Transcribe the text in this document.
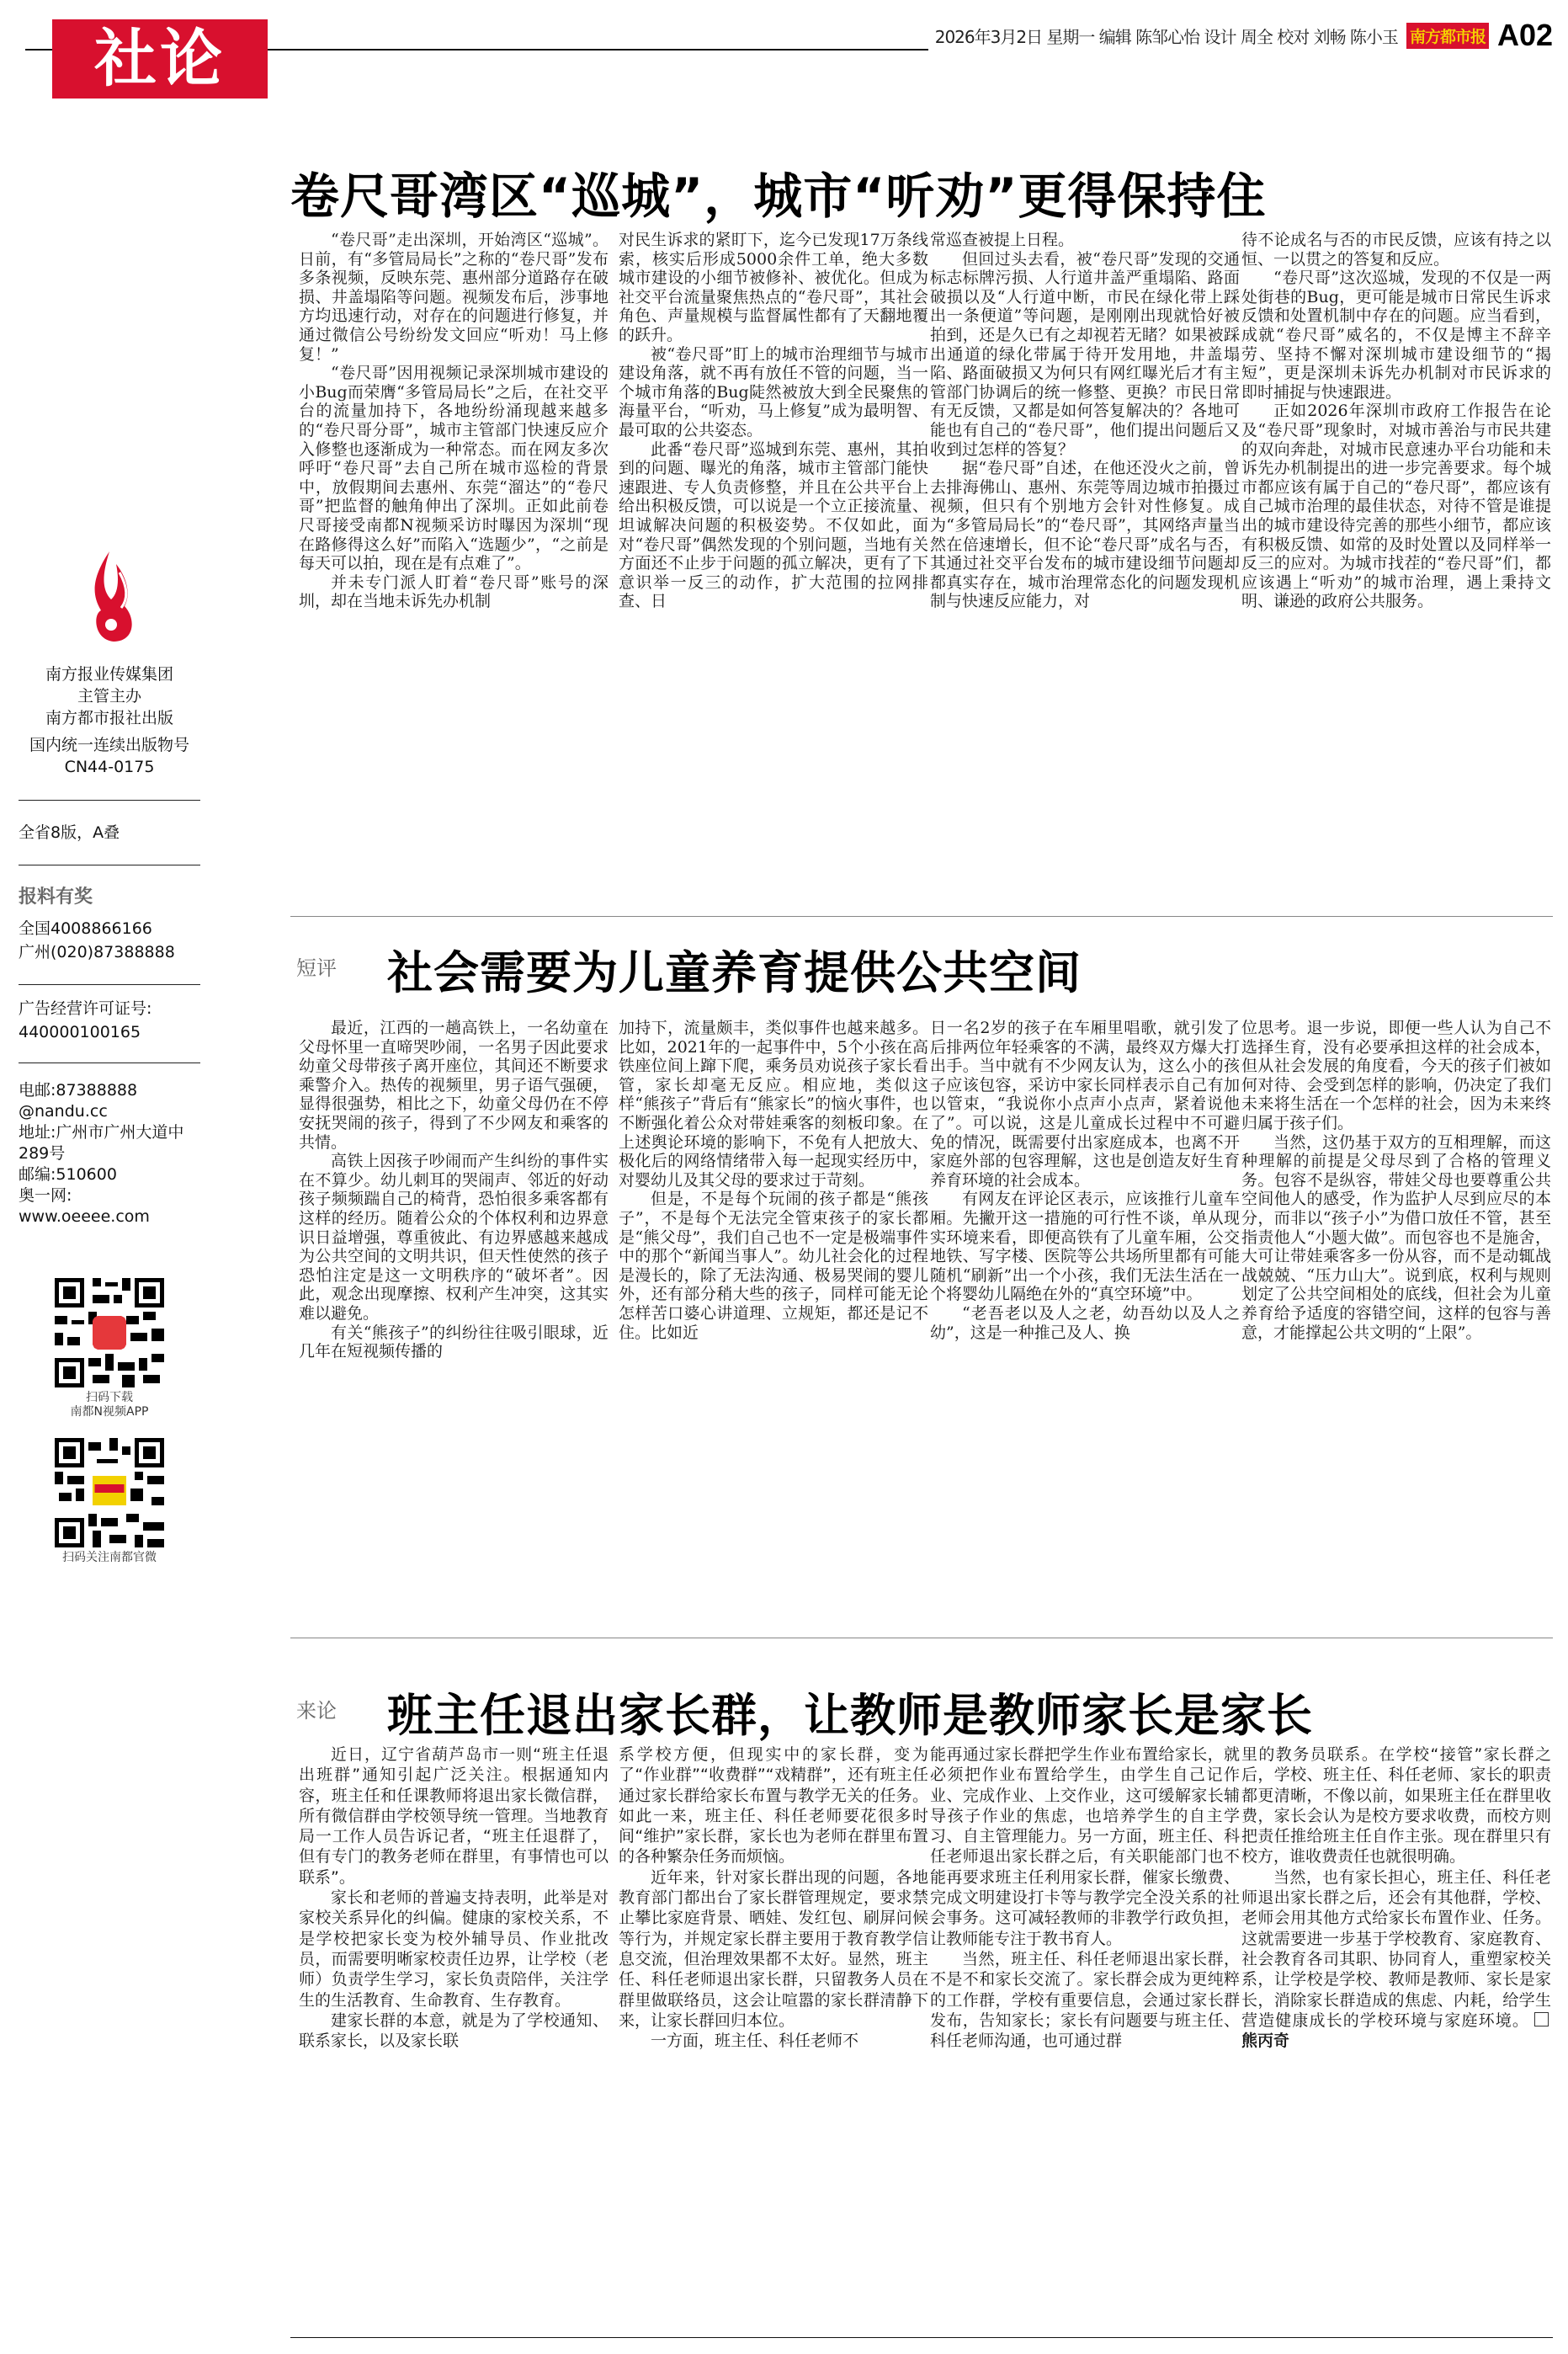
社论	2026年3月2日 星期一 编辑 陈邹心怡 设计 周全 校对 刘畅 陈小玉 南方都市报 A02
南方报业传媒集团
主管主办
南方都市报社出版
国内统一连续出版物号
CN44-0175
全省8版，A叠
报料有奖
全国4008866166
广州(020)87388888
广告经营许可证号:
440000100165
电邮:87388888
@nandu.cc
地址:广州市广州大道中
289号
邮编:510600
奥一网:
www.oeeee.com
扫码下载
南都N视频APP
扫码关注南都官微
卷尺哥湾区“巡城”，城市“听劝”更得保持住

“卷尺哥”走出深圳，开始湾区“巡城”。日前，有“多管局局长”之称的“卷尺哥”发布多条视频，反映东莞、惠州部分道路存在破损、井盖塌陷等问题。视频发布后，涉事地方均迅速行动，对存在的问题进行修复，并通过微信公号纷纷发文回应“听劝！马上修复！”

“卷尺哥”因用视频记录深圳城市建设的小Bug而荣膺“多管局局长”之后，在社交平台的流量加持下，各地纷纷涌现越来越多的“卷尺哥分哥”，城市主管部门快速反应介入修整也逐渐成为一种常态。而在网友多次呼吁“卷尺哥”去自己所在城市巡检的背景中，放假期间去惠州、东莞“溜达”的“卷尺哥”把监督的触角伸出了深圳。正如此前卷尺哥接受南都N视频采访时曝因为深圳“现在路修得这么好”而陷入“选题少”，“之前是每天可以拍，现在是有点难了”。

并未专门派人盯着“卷尺哥”账号的深圳，却在当地未诉先办机制

对民生诉求的紧盯下，迄今已发现17万条线索，核实后形成5000余件工单，绝大多数城市建设的小细节被修补、被优化。但成为社交平台流量聚焦热点的“卷尺哥”，其社会角色、声量规模与监督属性都有了天翻地覆的跃升。

被“卷尺哥”盯上的城市治理细节与城市建设角落，就不再有放任不管的问题，当一个城市角落的Bug陡然被放大到全民聚焦的海量平台，“听劝，马上修复”成为最明智、最可取的公共姿态。

此番“卷尺哥”巡城到东莞、惠州，其拍到的问题、曝光的角落，城市主管部门能快速跟进、专人负责修整，并且在公共平台上给出积极反馈，可以说是一个立正接流量、坦诚解决问题的积极姿势。不仅如此，面对“卷尺哥”偶然发现的个别问题，当地有关方面还不止步于问题的孤立解决，更有了下意识举一反三的动作，扩大范围的拉网排查、日

常巡查被提上日程。

但回过头去看，被“卷尺哥”发现的交通标志标牌污损、人行道井盖严重塌陷、路面破损以及“人行道中断，市民在绿化带上踩出一条便道”等问题，是刚刚出现就恰好被拍到，还是久已有之却视若无睹？如果被踩出通道的绿化带属于待开发用地，井盖塌陷、路面破损又为何只有网红曝光后才有主管部门协调后的统一修整、更换？市民日常有无反馈，又都是如何答复解决的？各地可能也有自己的“卷尺哥”，他们提出问题后又收到过怎样的答复？

据“卷尺哥”自述，在他还没火之前，曾去排海佛山、惠州、东莞等周边城市拍摄过视频，但只有个别地方会针对性修复。成为“多管局局长”的“卷尺哥”，其网络声量当然在倍速增长，但不论“卷尺哥”成名与否，其通过社交平台发布的城市建设细节问题却都真实存在，城市治理常态化的问题发现机制与快速反应能力，对

待不论成名与否的市民反馈，应该有持之以恒、一以贯之的答复和反应。

“卷尺哥”这次巡城，发现的不仅是一两处街巷的Bug，更可能是城市日常民生诉求反馈和处置机制中存在的问题。应当看到，成就“卷尺哥”威名的，不仅是博主不辞辛劳、坚持不懈对深圳城市建设细节的“揭短”，更是深圳未诉先办机制对市民诉求的即时捕捉与快速跟进。

正如2026年深圳市政府工作报告在论及“卷尺哥”现象时，对城市善治与市民共建的双向奔赴，对城市民意速办平台功能和未诉先办机制提出的进一步完善要求。每个城市都应该有属于自己的“卷尺哥”，都应该有自己城市治理的最佳状态，对待不管是谁提出的城市建设待完善的那些小细节，都应该有积极反馈、如常的及时处置以及同样举一反三的应对。为城市找茬的“卷尺哥”们，都应该遇上“听劝”的城市治理，遇上秉持文明、谦逊的政府公共服务。

短评 社会需要为儿童养育提供公共空间

最近，江西的一趟高铁上，一名幼童在父母怀里一直啼哭吵闹，一名男子因此要求幼童父母带孩子离开座位，其间还不断要求乘警介入。热传的视频里，男子语气强硬，显得很强势，相比之下，幼童父母仍在不停安抚哭闹的孩子，得到了不少网友和乘客的共情。

高铁上因孩子吵闹而产生纠纷的事件实在不算少。幼儿刺耳的哭闹声、邻近的好动孩子频频踹自己的椅背，恐怕很多乘客都有这样的经历。随着公众的个体权利和边界意识日益增强，尊重彼此、有边界感越来越成为公共空间的文明共识，但天性使然的孩子恐怕注定是这一文明秩序的“破坏者”。因此，观念出现摩擦、权利产生冲突，这其实难以避免。

有关“熊孩子”的纠纷往往吸引眼球，近几年在短视频传播的

加持下，流量颇丰，类似事件也越来越多。比如，2021年的一起事件中，5个小孩在高铁座位间上蹿下爬，乘务员劝说孩子家长看管，家长却毫无反应。相应地，类似这样“熊孩子”背后有“熊家长”的恼火事件，也不断强化着公众对带娃乘客的刻板印象。在上述舆论环境的影响下，不免有人把放大、极化后的网络情绪带入每一起现实经历中，对婴幼儿及其父母的要求过于苛刻。

但是，不是每个玩闹的孩子都是“熊孩子”，不是每个无法完全管束孩子的家长都是“熊父母”，我们自己也不一定是极端事件中的那个“新闻当事人”。幼儿社会化的过程是漫长的，除了无法沟通、极易哭闹的婴儿外，还有部分稍大些的孩子，同样可能无论怎样苦口婆心讲道理、立规矩，都还是记不住。比如近

日一名2岁的孩子在车厢里唱歌，就引发了后排两位年轻乘客的不满，最终双方爆大打出手。当中就有不少网友认为，这么小的孩子应该包容，采访中家长同样表示自己有加以管束，“我说你小点声小点声，紧着说他了”。可以说，这是儿童成长过程中不可避免的情况，既需要付出家庭成本，也离不开家庭外部的包容理解，这也是创造友好生育养育环境的社会成本。

有网友在评论区表示，应该推行儿童车厢。先撇开这一措施的可行性不谈，单从现实环境来看，即便高铁有了儿童车厢，公交地铁、写字楼、医院等公共场所里都有可能随机“刷新”出一个小孩，我们无法生活在一个将婴幼儿隔绝在外的“真空环境”中。

“老吾老以及人之老，幼吾幼以及人之幼”，这是一种推己及人、换

位思考。退一步说，即便一些人认为自己不选择生育，没有必要承担这样的社会成本，但从社会发展的角度看，今天的孩子们被如何对待、会受到怎样的影响，仍决定了我们未来将生活在一个怎样的社会，因为未来终归属于孩子们。

当然，这仍基于双方的互相理解，而这种理解的前提是父母尽到了合格的管理义务。包容不是纵容，带娃父母也要尊重公共空间他人的感受，作为监护人尽到应尽的本分，而非以“孩子小”为借口放任不管，甚至指责他人“小题大做”。而包容也不是施舍，大可让带娃乘客多一份从容，而不是动辄战战兢兢、“压力山大”。说到底，权利与规则划定了公共空间相处的底线，但社会为儿童养育给予适度的容错空间，这样的包容与善意，才能撑起公共文明的“上限”。

来论 班主任退出家长群，让教师是教师家长是家长

近日，辽宁省葫芦岛市一则“班主任退出班群”通知引起广泛关注。根据通知内容，班主任和任课教师将退出家长微信群，所有微信群由学校领导统一管理。当地教育局一工作人员告诉记者，“班主任退群了，但有专门的教务老师在群里，有事情也可以联系”。

家长和老师的普遍支持表明，此举是对家校关系异化的纠偏。健康的家校关系，不是学校把家长变为校外辅导员、作业批改员，而需要明晰家校责任边界，让学校（老师）负责学生学习，家长负责陪伴，关注学生的生活教育、生命教育、生存教育。

建家长群的本意，就是为了学校通知、联系家长，以及家长联

系学校方便，但现实中的家长群，变为了“作业群”“收费群”“戏精群”，还有班主任通过家长群给家长布置与教学无关的任务。如此一来，班主任、科任老师要花很多时间“维护”家长群，家长也为老师在群里布置的各种繁杂任务而烦恼。

近年来，针对家长群出现的问题，各地教育部门都出台了家长群管理规定，要求禁止攀比家庭背景、晒娃、发红包、刷屏问候等行为，并规定家长群主要用于教育教学信息交流，但治理效果都不太好。显然，班主任、科任老师退出家长群，只留教务人员在群里做联络员，这会让喧嚣的家长群清静下来，让家长群回归本位。

一方面，班主任、科任老师不

能再通过家长群把学生作业布置给家长，就必须把作业布置给学生，由学生自己记作业、完成作业、上交作业，这可缓解家长辅导孩子作业的焦虑，也培养学生的自主学习、自主管理能力。另一方面，班主任、科任老师退出家长群之后，有关职能部门也不能再要求班主任利用家长群，催家长缴费、完成文明建设打卡等与教学完全没关系的社会事务。这可减轻教师的非教学行政负担，让教师能专注于教书育人。

当然，班主任、科任老师退出家长群，不是不和家长交流了。家长群会成为更纯粹的工作群，学校有重要信息，会通过家长群发布，告知家长；家长有问题要与班主任、科任老师沟通，也可通过群

里的教务员联系。在学校“接管”家长群之后，学校、班主任、科任老师、家长的职责都更清晰，不像以前，如果班主任在群里收费，家长会认为是校方要求收费，而校方则把责任推给班主任自作主张。现在群里只有校方，谁收费责任也就很明确。

当然，也有家长担心，班主任、科任老师退出家长群之后，还会有其他群，学校、老师会用其他方式给家长布置作业、任务。这就需要进一步基于学校教育、家庭教育、社会教育各司其职、协同育人，重塑家校关系，让学校是学校、教师是教师、家长是家长，消除家长群造成的焦虑、内耗，给学生营造健康成长的学校环境与家庭环境。熊丙奇
